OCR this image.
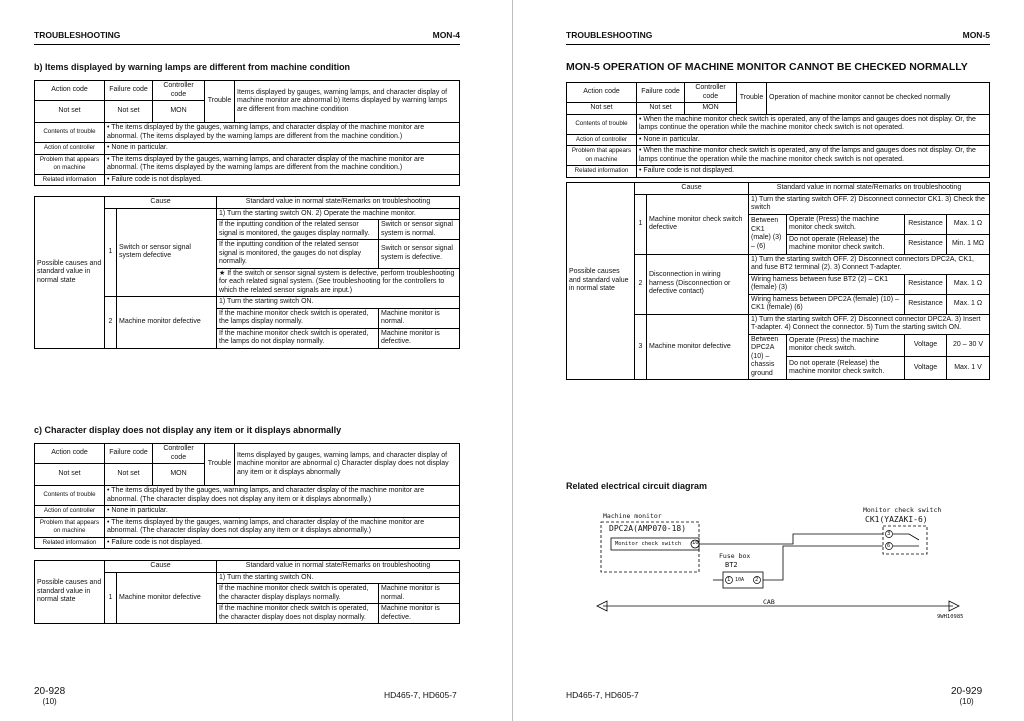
TROUBLESHOOTING	MON-4
b) Items displayed by warning lamps are different from machine condition
Action code	Failure code	Controller code	Trouble	Items displayed by gauges, warning lamps, and character display of machine monitor are abnormal b) Items displayed by warning lamps are different from machine condition
Not set	Not set	MON		
Contents of trouble	• The items displayed by the gauges, warning lamps, and character display of the machine monitor are abnormal. (The items displayed by the warning lamps are different from the machine condition.)			
Action of controller	• None in particular.			
Problem that appears on machine	• The items displayed by the gauges, warning lamps, and character display of the machine monitor are abnormal. (The items displayed by the warning lamps are different from the machine condition.)			
Related information	• Failure code is not displayed.			
Possible causes and standard value in normal state	Cause		Standard value in normal state/Remarks on troubleshooting	
	1	Switch or sensor signal system defective	1) Turn the starting switch ON. 2) Operate the machine monitor.	
			If the inputting condition of the related sensor signal is monitored, the gauges display normally.	Switch or sensor signal system is normal.
			If the inputting condition of the related sensor signal is monitored, the gauges do not display normally.	Switch or sensor signal system is defective.
			★ If the switch or sensor signal system is defective, perform troubleshooting for each related signal system. (See troubleshooting for the controllers to which the related sensor signals are input.)	
	2	Machine monitor defective	1) Turn the starting switch ON.	
			If the machine monitor check switch is operated, the lamps display normally.	Machine monitor is normal.
			If the machine monitor check switch is operated, the lamps do not display normally.	Machine monitor is defective.
c) Character display does not display any item or it displays abnormally
Action code	Failure code	Controller code	Trouble	Items displayed by gauges, warning lamps, and character display of machine monitor are abnormal c) Character display does not display any item or it displays abnormally
Not set	Not set	MON		
Contents of trouble	• The items displayed by the gauges, warning lamps, and character display of the machine monitor are abnormal. (The character display does not display any item or it displays abnormally.)			
Action of controller	• None in particular.			
Problem that appears on machine	• The items displayed by the gauges, warning lamps, and character display of the machine monitor are abnormal. (The character display does not display any item or it displays abnormally.)			
Related information	• Failure code is not displayed.			
Possible causes and standard value in normal state	Cause		Standard value in normal state/Remarks on troubleshooting	
	1	Machine monitor defective	1) Turn the starting switch ON.	
			If the machine monitor check switch is operated, the character display displays normally.	Machine monitor is normal.
			If the machine monitor check switch is operated, the character display does not display normally.	Machine monitor is defective.
20-928
(10)
HD465-7, HD605-7
TROUBLESHOOTING	MON-5
MON-5 OPERATION OF MACHINE MONITOR CANNOT BE CHECKED NORMALLY
Action code	Failure code	Controller code	Trouble	Operation of machine monitor cannot be checked normally
Not set	Not set	MON		
Contents of trouble	• When the machine monitor check switch is operated, any of the lamps and gauges does not display. Or, the lamps continue the operation while the machine monitor check switch is not operated.			
Action of controller	• None in particular.			
Problem that appears on machine	• When the machine monitor check switch is operated, any of the lamps and gauges does not display. Or, the lamps continue the operation while the machine monitor check switch is not operated.			
Related information	• Failure code is not displayed.			
Possible causes and standard value in normal state	Cause		Standard value in normal state/Remarks on troubleshooting			
	1	Machine monitor check switch defective	1) Turn the starting switch OFF. 2) Disconnect connector CK1. 3) Check the switch			
			Between CK1 (male) (3) – (6)	Operate (Press) the machine monitor check switch.	Resistance	Max. 1 Ω
				Do not operate (Release) the machine monitor check switch.	Resistance	Min. 1 MΩ
	2	Disconnection in wiring harness (Disconnection or defective contact)	1) Turn the starting switch OFF. 2) Disconnect connectors DPC2A, CK1, and fuse BT2 terminal (2). 3) Connect T-adapter.			
			Wiring harness between fuse BT2 (2) – CK1 (female) (3)		Resistance	Max. 1 Ω
			Wiring harness between DPC2A (female) (10) – CK1 (female) (6)		Resistance	Max. 1 Ω
	3	Machine monitor defective	1) Turn the starting switch OFF. 2) Disconnect connector DPC2A. 3) Insert T-adapter. 4) Connect the connector. 5) Turn the starting switch ON.			
			Between DPC2A (10) – chassis ground	Operate (Press) the machine monitor check switch.	Voltage	20 – 30 V
				Do not operate (Release) the machine monitor check switch.	Voltage	Max. 1 V
Related electrical circuit diagram
Machine monitor
DPC2A(AMP070-18)
Monitor check switch 10
Fuse box
BT2
1 10A 2
Monitor check switch
CK1(YAZAKI-6)
3
6
CAB
9WH10985
HD465-7, HD605-7	20-929
(10)
